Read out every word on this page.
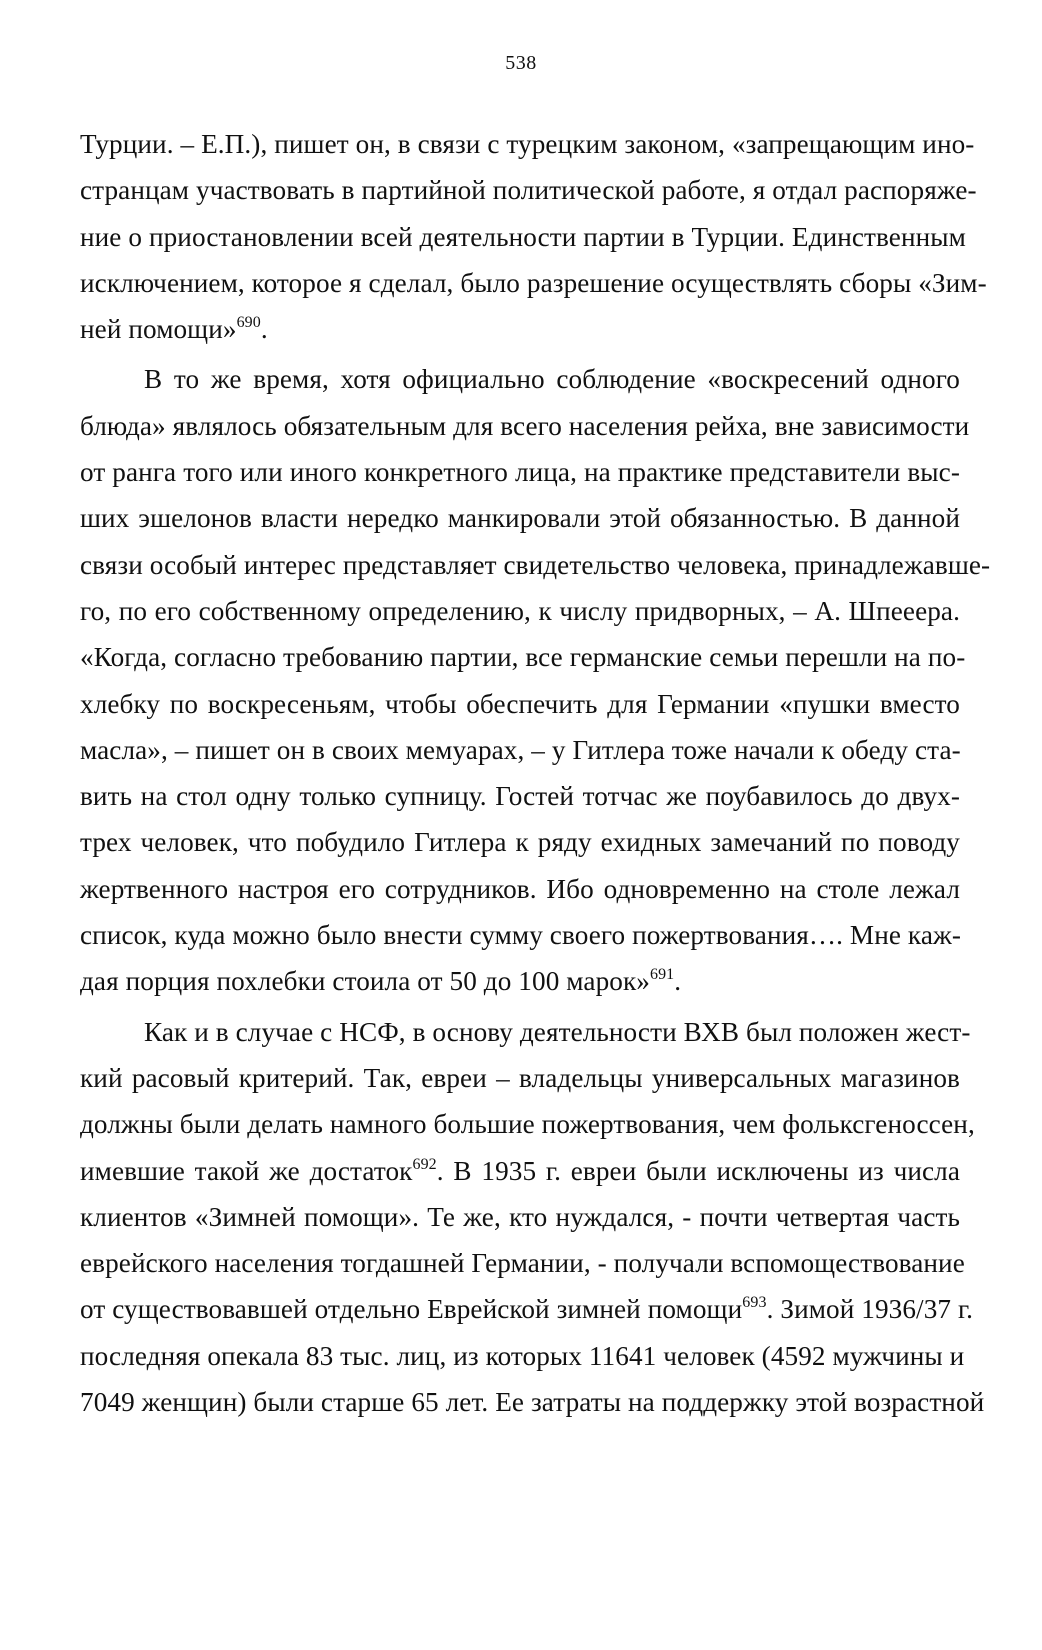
538
Турции. – Е.П.), пишет он, в связи с турецким законом, «запрещающим ино-
странцам участвовать в партийной политической работе, я отдал распоряже-
ние о приостановлении всей деятельности партии в Турции. Единственным
исключением, которое я сделал, было разрешение осуществлять сборы «Зим-
ней помощи»$^{690}$.
В то же время, хотя официально соблюдение «воскресений одного
блюда» являлось обязательным для всего населения рейха, вне зависимости
от ранга того или иного конкретного лица, на практике представители выс-
ших эшелонов власти нередко манкировали этой обязанностью. В данной
связи особый интерес представляет свидетельство человека, принадлежавше-
го, по его собственному определению, к числу придворных, – А. Шпееера.
«Когда, согласно требованию партии, все германские семьи перешли на по-
хлебку по воскресеньям, чтобы обеспечить для Германии «пушки вместо
масла», – пишет он в своих мемуарах, – у Гитлера тоже начали к обеду ста-
вить на стол одну только супницу. Гостей тотчас же поубавилось до двух-
трех человек, что побудило Гитлера к ряду ехидных замечаний по поводу
жертвенного настроя его сотрудников. Ибо одновременно на столе лежал
список, куда можно было внести сумму своего пожертвования…. Мне каж-
дая порция похлебки стоила от 50 до 100 марок»$^{691}$.
Как и в случае с НСФ, в основу деятельности ВХВ был положен жест-
кий расовый критерий. Так, евреи – владельцы универсальных магазинов
должны были делать намного большие пожертвования, чем фольксгеноссен,
имевшие такой же достаток$^{692}$. В 1935 г. евреи были исключены из числа
клиентов «Зимней помощи». Те же, кто нуждался, - почти четвертая часть
еврейского населения тогдашней Германии, - получали вспомоществование
от существовавшей отдельно Еврейской зимней помощи$^{693}$. Зимой 1936/37 г.
последняя опекала 83 тыс. лиц, из которых 11641 человек (4592 мужчины и
7049 женщин) были старше 65 лет. Ее затраты на поддержку этой возрастной
